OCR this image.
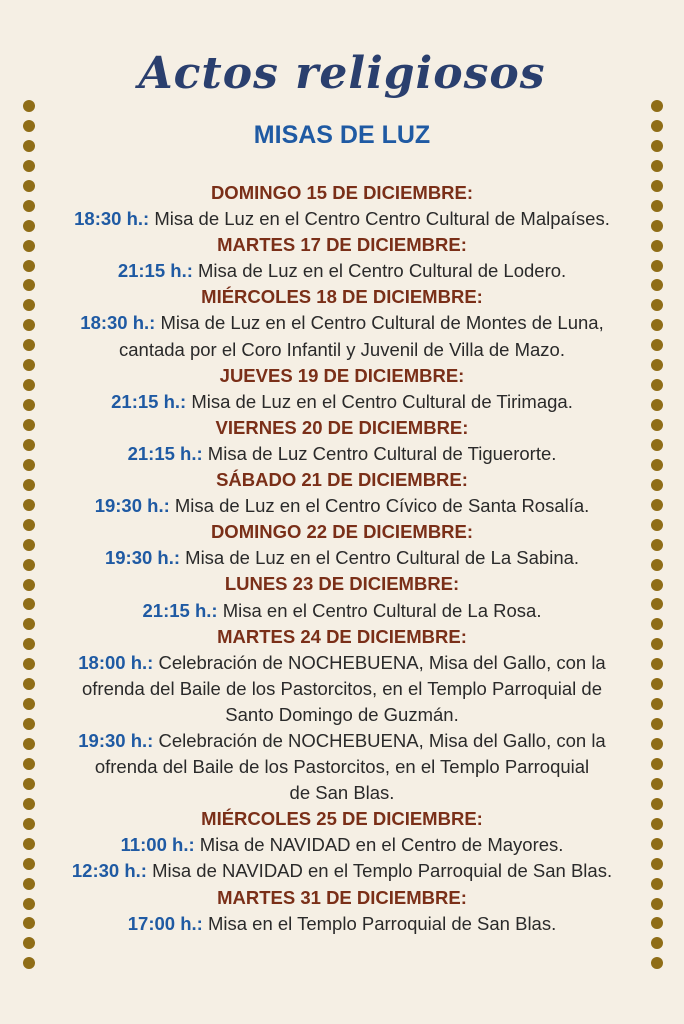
Actos religiosos
MISAS DE LUZ
DOMINGO 15 DE DICIEMBRE:
18:30 h.: Misa de Luz en el Centro Centro Cultural de Malpaíses.
MARTES 17 DE DICIEMBRE:
21:15 h.: Misa de Luz en el Centro Cultural de Lodero.
MIÉRCOLES 18 DE DICIEMBRE:
18:30 h.: Misa de Luz en el Centro Cultural de Montes de Luna,
cantada por el Coro Infantil y Juvenil de Villa de Mazo.
JUEVES 19 DE DICIEMBRE:
21:15 h.: Misa de Luz en el Centro Cultural de Tirimaga.
VIERNES 20 DE DICIEMBRE:
21:15 h.: Misa de Luz Centro Cultural de Tiguerorte.
SÁBADO 21 DE DICIEMBRE:
19:30 h.: Misa de Luz en el Centro Cívico de Santa Rosalía.
DOMINGO 22 DE DICIEMBRE:
19:30 h.: Misa de Luz en el Centro Cultural de La Sabina.
LUNES 23 DE DICIEMBRE:
21:15 h.: Misa en el Centro Cultural de La Rosa.
MARTES 24 DE DICIEMBRE:
18:00 h.: Celebración de NOCHEBUENA, Misa del Gallo, con la
ofrenda del Baile de los Pastorcitos, en el Templo Parroquial de
Santo Domingo de Guzmán.
19:30 h.: Celebración de NOCHEBUENA, Misa del Gallo, con la
ofrenda del Baile de los Pastorcitos, en el Templo Parroquial
de San Blas.
MIÉRCOLES 25 DE DICIEMBRE:
11:00 h.: Misa de NAVIDAD en el Centro de Mayores.
12:30 h.: Misa de NAVIDAD en el Templo Parroquial de San Blas.
MARTES 31 DE DICIEMBRE:
17:00 h.: Misa en el Templo Parroquial de San Blas.
